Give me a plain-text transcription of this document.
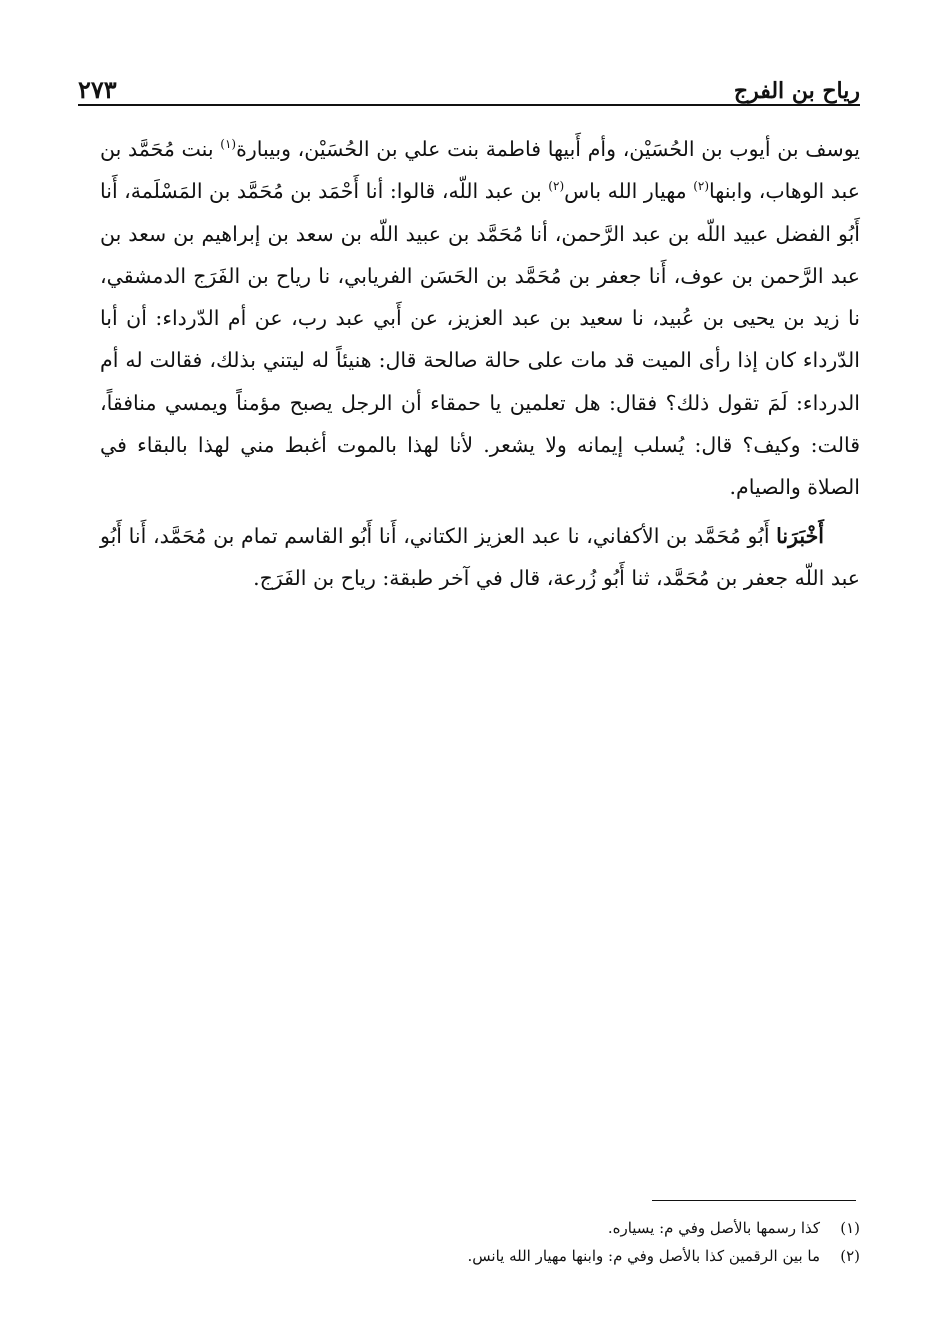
رياح بن الفرج
٢٧٣

يوسف بن أيوب بن الحُسَيْن، وأم أَبيها فاطمة بنت علي بن الحُسَيْن، وبيبارة$^{(١)}$ بنت مُحَمَّد بن عبد الوهاب، وابنها$^{(٢)}$ مهيار الله باس$^{(٢)}$ بن عبد اللّه، قالوا: أنا أَحْمَد بن مُحَمَّد بن المَسْلَمة، أَنا أَبُو الفضل عبيد اللّه بن عبد الرَّحمن، أنا مُحَمَّد بن عبيد اللّه بن سعد بن إبراهيم بن سعد بن عبد الرَّحمن بن عوف، أَنا جعفر بن مُحَمَّد بن الحَسَن الفريابي، نا رياح بن الفَرَج الدمشقي، نا زيد بن يحيى بن عُبيد، نا سعيد بن عبد العزيز، عن أَبي عبد رب، عن أم الدّرداء: أن أبا الدّرداء كان إذا رأى الميت قد مات على حالة صالحة قال: هنيئاً له ليتني بذلك، فقالت له أم الدرداء: لَمَ تقول ذلك؟ فقال: هل تعلمين يا حمقاء أن الرجل يصبح مؤمناً ويمسي منافقاً، قالت: وكيف؟ قال: يُسلب إيمانه ولا يشعر. لأنا لهذا بالموت أغبط مني لهذا بالبقاء في الصلاة والصيام.

أَخْبَرَنا أَبُو مُحَمَّد بن الأكفاني، نا عبد العزيز الكتاني، أَنا أَبُو القاسم تمام بن مُحَمَّد، أَنا أَبُو عبد اللّه جعفر بن مُحَمَّد، ثنا أَبُو زُرعة، قال في آخر طبقة: رياح بن الفَرَج.

(١)
كذا رسمها بالأصل وفي م: يسياره.
(٢)
ما بين الرقمين كذا بالأصل وفي م: وابنها مهيار الله يانس.
